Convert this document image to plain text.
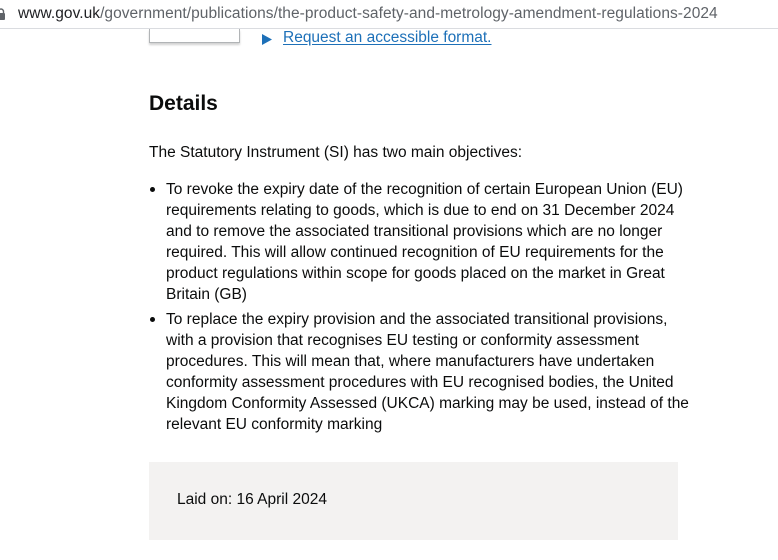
www.gov.uk/government/publications/the-product-safety-and-metrology-amendment-regulations-2024
Request an accessible format.
Details

The Statutory Instrument (SI) has two main objectives:

To revoke the expiry date of the recognition of certain European Union (EU) requirements relating to goods, which is due to end on 31 December 2024 and to remove the associated transitional provisions which are no longer required. This will allow continued recognition of EU requirements for the product regulations within scope for goods placed on the market in Great Britain (GB)
To replace the expiry provision and the associated transitional provisions, with a provision that recognises EU testing or conformity assessment procedures. This will mean that, where manufacturers have undertaken conformity assessment procedures with EU recognised bodies, the United Kingdom Conformity Assessed (UKCA) marking may be used, instead of the relevant EU conformity marking
Laid on: 16 April 2024
